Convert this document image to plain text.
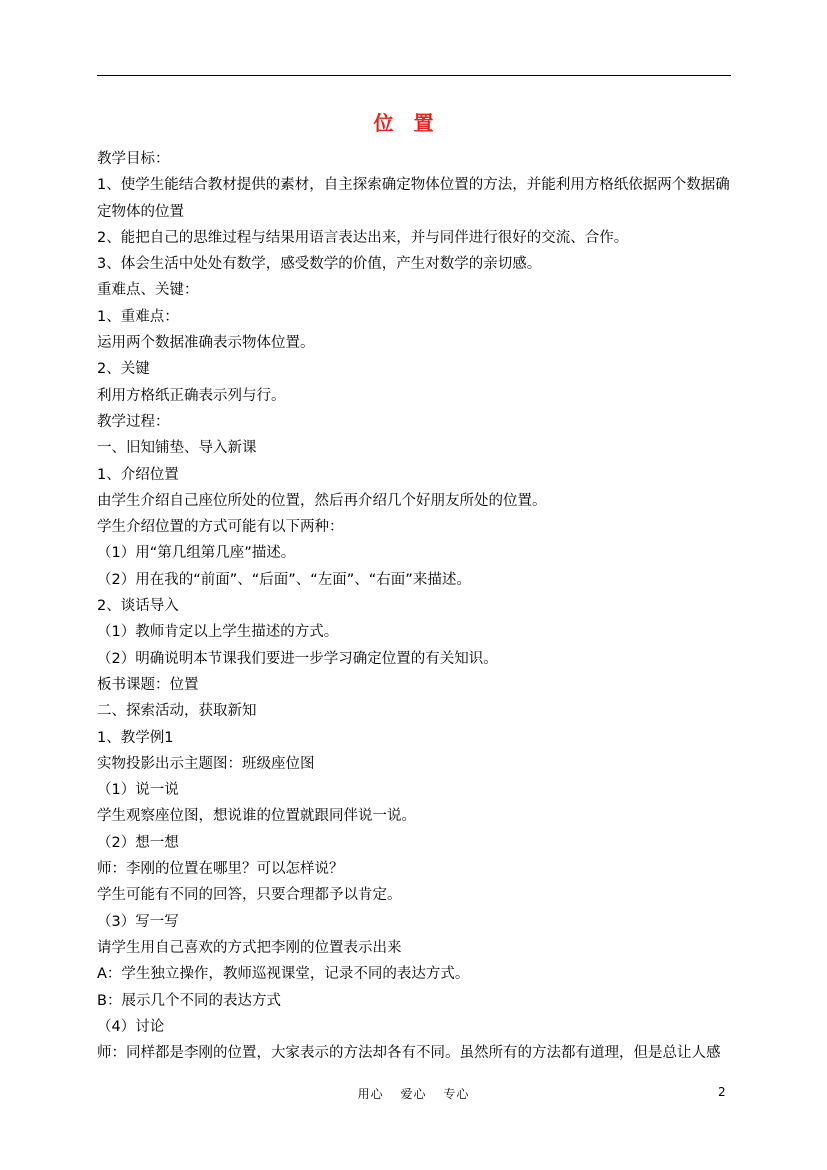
位置
教学目标：
1、使学生能结合教材提供的素材，自主探索确定物体位置的方法，并能利用方格纸依据两个数据确
定物体的位置
2、能把自己的思维过程与结果用语言表达出来，并与同伴进行很好的交流、合作。
3、体会生活中处处有数学，感受数学的价值，产生对数学的亲切感。
重难点、关键：
1、重难点：
运用两个数据准确表示物体位置。
2、关键
利用方格纸正确表示列与行。
教学过程：
一、旧知铺垫、导入新课
1、介绍位置
由学生介绍自己座位所处的位置，然后再介绍几个好朋友所处的位置。
学生介绍位置的方式可能有以下两种：
（1）用“第几组第几座”描述。
（2）用在我的“前面”、“后面”、“左面”、“右面”来描述。
2、谈话导入
（1）教师肯定以上学生描述的方式。
（2）明确说明本节课我们要进一步学习确定位置的有关知识。
板书课题：位置
二、探索活动，获取新知
1、教学例1
实物投影出示主题图：班级座位图
（1）说一说
学生观察座位图，想说谁的位置就跟同伴说一说。
（2）想一想
师：李刚的位置在哪里？可以怎样说？
学生可能有不同的回答，只要合理都予以肯定。
（3）写一写
请学生用自己喜欢的方式把李刚的位置表示出来
A：学生独立操作，教师巡视课堂，记录不同的表达方式。
B：展示几个不同的表达方式
（4）讨论
师：同样都是李刚的位置，大家表示的方法却各有不同。虽然所有的方法都有道理，但是总让人感
用心 爱心 专心	2
